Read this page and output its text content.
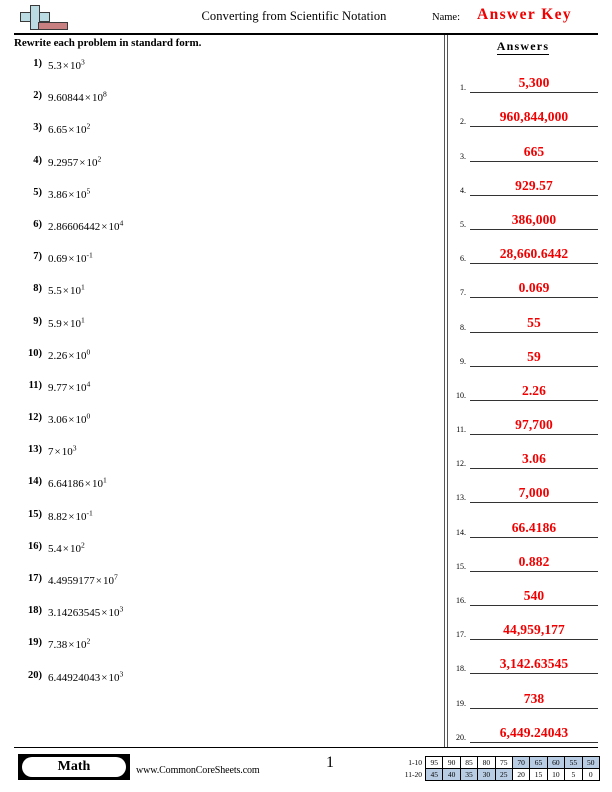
Converting from Scientific Notation	Name: Answer Key
Rewrite each problem in standard form.
1) $5.3\times 10^3$
2) $9.60844\times 10^8$
3) $6.65\times 10^2$
4) $9.2957\times 10^2$
5) $3.86\times 10^5$
6) $2.86606442\times 10^4$
7) $0.69\times 10^{-1}$
8) $5.5\times 10^1$
9) $5.9\times 10^1$
10) $2.26\times 10^0$
11) $9.77\times 10^4$
12) $3.06\times 10^0$
13) $7\times 10^3$
14) $6.64186\times 10^1$
15) $8.82\times 10^{-1}$
16) $5.4\times 10^2$
17) $4.4959177\times 10^7$
18) $3.14263545\times 10^3$
19) $7.38\times 10^2$
20) $6.44924043\times 10^3$
Answers
1.	5,300
2.	960,844,000
3.	665
4.	929.57
5.	386,000
6.	28,660.6442
7.	0.069
8.	55
9.	59
10.	2.26
11.	97,700
12.	3.06
13.	7,000
14.	66.4186
15.	0.882
16.	540
17.	44,959,177
18.	3,142.63545
19.	738
20.	6,449.24043
Math	www.CommonCoreSheets.com	1	1-10	95	90	85	80	75	70	65	60	55	50
11-20	45	40	35	30	25	20	15	10	5	0
